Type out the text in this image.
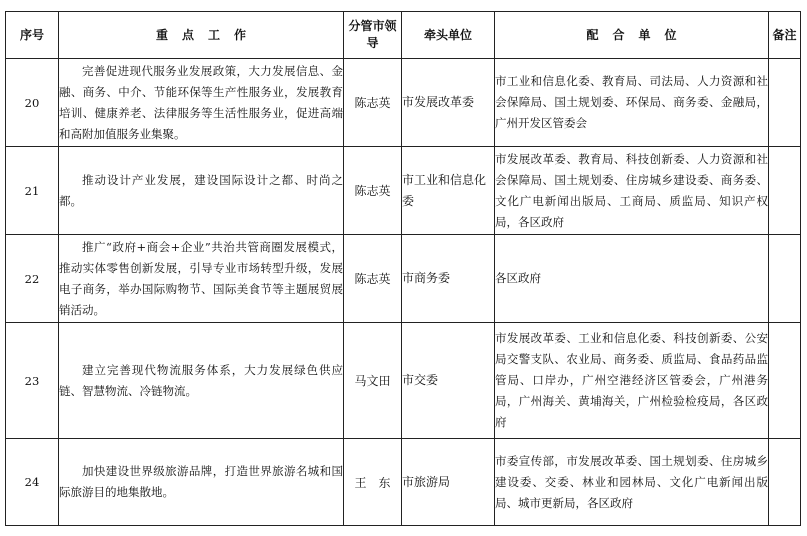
序号	重点工作	分管市领导	牵头单位	配合单位	备注
20	完善促进现代服务业发展政策，大力发展信息、金融、商务、中介、节能环保等生产性服务业，发展教育培训、健康养老、法律服务等生活性服务业，促进高端和高附加值服务业集聚。	陈志英	市发展改革委	市工业和信息化委、教育局、司法局、人力资源和社会保障局、国土规划委、环保局、商务委、金融局，广州开发区管委会	
21	推动设计产业发展，建设国际设计之都、时尚之都。	陈志英	市工业和信息化委	市发展改革委、教育局、科技创新委、人力资源和社会保障局、国土规划委、住房城乡建设委、商务委、文化广电新闻出版局、工商局、质监局、知识产权局，各区政府	
22	推广“政府+商会+企业”共治共管商圈发展模式，推动实体零售创新发展，引导专业市场转型升级，发展电子商务，举办国际购物节、国际美食节等主题展贸展销活动。	陈志英	市商务委	各区政府	
23	建立完善现代物流服务体系，大力发展绿色供应链、智慧物流、冷链物流。	马文田	市交委	市发展改革委、工业和信息化委、科技创新委、公安局交警支队、农业局、商务委、质监局、食品药品监管局、口岸办，广州空港经济区管委会，广州港务局，广州海关、黄埔海关，广州检验检疫局，各区政府	
24	加快建设世界级旅游品牌，打造世界旅游名城和国际旅游目的地集散地。	王东	市旅游局	市委宣传部，市发展改革委、国土规划委、住房城乡建设委、交委、林业和园林局、文化广电新闻出版局、城市更新局，各区政府	
